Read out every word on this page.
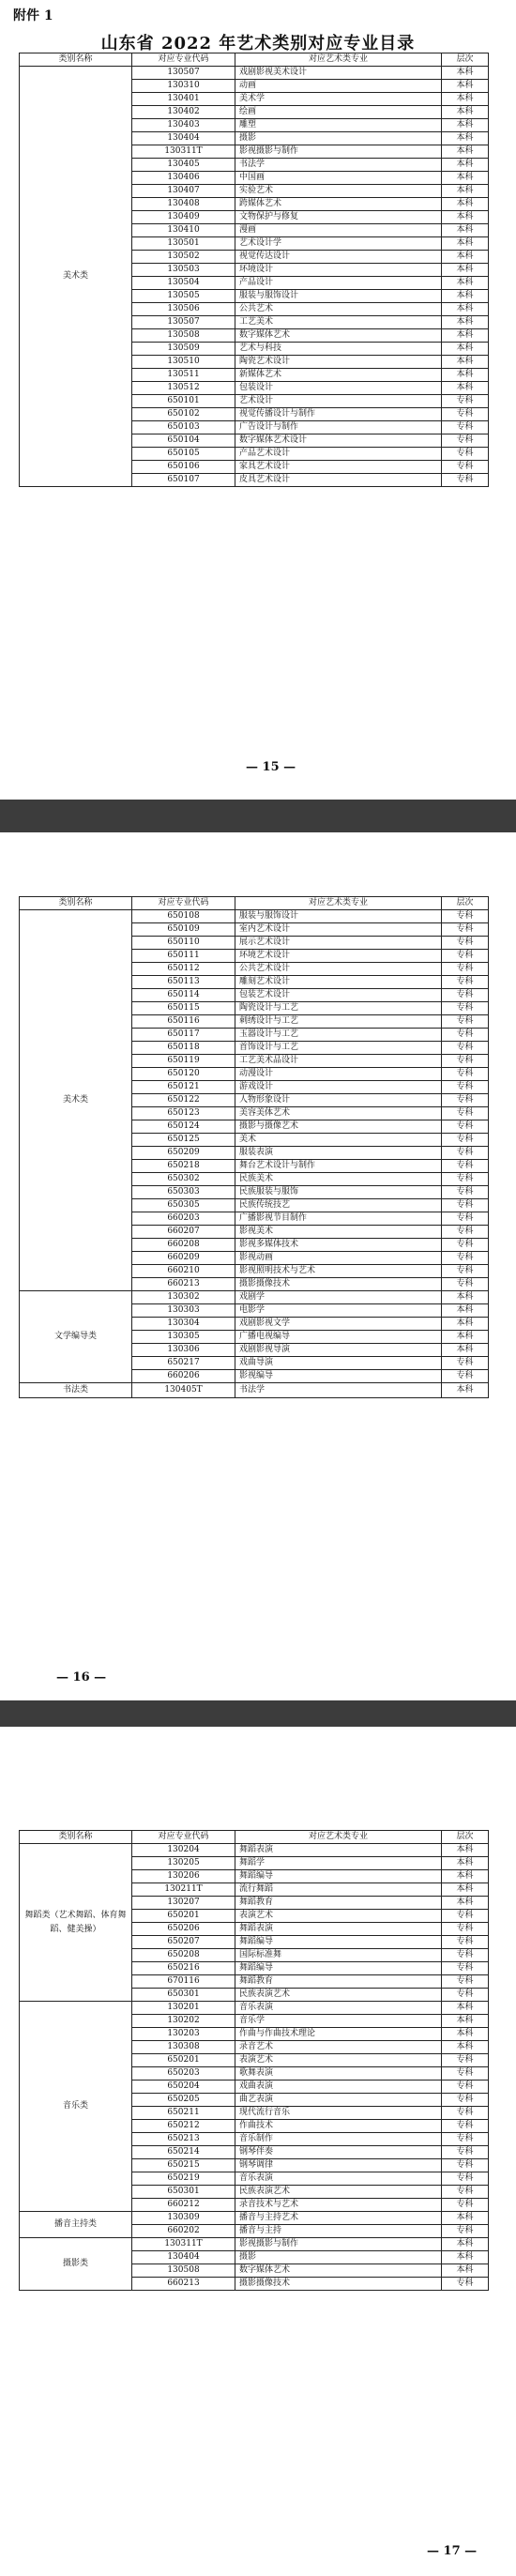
附件 1
山东省 2022 年艺术类别对应专业目录
类别名称	对应专业代码	对应艺术类专业	层次
美术类	130507	戏剧影视美术设计	本科
	130310	动画	本科
	130401	美术学	本科
	130402	绘画	本科
	130403	雕塑	本科
	130404	摄影	本科
	130311T	影视摄影与制作	本科
	130405	书法学	本科
	130406	中国画	本科
	130407	实验艺术	本科
	130408	跨媒体艺术	本科
	130409	文物保护与修复	本科
	130410	漫画	本科
	130501	艺术设计学	本科
	130502	视觉传达设计	本科
	130503	环境设计	本科
	130504	产品设计	本科
	130505	服装与服饰设计	本科
	130506	公共艺术	本科
	130507	工艺美术	本科
	130508	数字媒体艺术	本科
	130509	艺术与科技	本科
	130510	陶瓷艺术设计	本科
	130511	新媒体艺术	本科
	130512	包装设计	本科
	650101	艺术设计	专科
	650102	视觉传播设计与制作	专科
	650103	广告设计与制作	专科
	650104	数字媒体艺术设计	专科
	650105	产品艺术设计	专科
	650106	家具艺术设计	专科
	650107	皮具艺术设计	专科
— 15 —
类别名称	对应专业代码	对应艺术类专业	层次
美术类	650108	服装与服饰设计	专科
	650109	室内艺术设计	专科
	650110	展示艺术设计	专科
	650111	环境艺术设计	专科
	650112	公共艺术设计	专科
	650113	雕刻艺术设计	专科
	650114	包装艺术设计	专科
	650115	陶瓷设计与工艺	专科
	650116	刺绣设计与工艺	专科
	650117	玉器设计与工艺	专科
	650118	首饰设计与工艺	专科
	650119	工艺美术品设计	专科
	650120	动漫设计	专科
	650121	游戏设计	专科
	650122	人物形象设计	专科
	650123	美容美体艺术	专科
	650124	摄影与摄像艺术	专科
	650125	美术	专科
	650209	服装表演	专科
	650218	舞台艺术设计与制作	专科
	650302	民族美术	专科
	650303	民族服装与服饰	专科
	650305	民族传统技艺	专科
	660203	广播影视节目制作	专科
	660207	影视美术	专科
	660208	影视多媒体技术	专科
	660209	影视动画	专科
	660210	影视照明技术与艺术	专科
	660213	摄影摄像技术	专科
文学编导类	130302	戏剧学	本科
	130303	电影学	本科
	130304	戏剧影视文学	本科
	130305	广播电视编导	本科
	130306	戏剧影视导演	本科
	650217	戏曲导演	专科
	660206	影视编导	专科
书法类	130405T	书法学	本科
— 16 —
类别名称	对应专业代码	对应艺术类专业	层次
舞蹈类（艺术舞蹈、体育舞蹈、健美操）	130204	舞蹈表演	本科
	130205	舞蹈学	本科
	130206	舞蹈编导	本科
	130211T	流行舞蹈	本科
	130207	舞蹈教育	本科
	650201	表演艺术	专科
	650206	舞蹈表演	专科
	650207	舞蹈编导	专科
	650208	国际标准舞	专科
	650216	舞蹈编导	专科
	670116	舞蹈教育	专科
	650301	民族表演艺术	专科
音乐类	130201	音乐表演	本科
	130202	音乐学	本科
	130203	作曲与作曲技术理论	本科
	130308	录音艺术	本科
	650201	表演艺术	专科
	650203	歌舞表演	专科
	650204	戏曲表演	专科
	650205	曲艺表演	专科
	650211	现代流行音乐	专科
	650212	作曲技术	专科
	650213	音乐制作	专科
	650214	钢琴伴奏	专科
	650215	钢琴调律	专科
	650219	音乐表演	专科
	650301	民族表演艺术	专科
	660212	录音技术与艺术	专科
播音主持类	130309	播音与主持艺术	本科
	660202	播音与主持	专科
摄影类	130311T	影视摄影与制作	本科
	130404	摄影	本科
	130508	数字媒体艺术	本科
	660213	摄影摄像技术	专科
— 17 —
